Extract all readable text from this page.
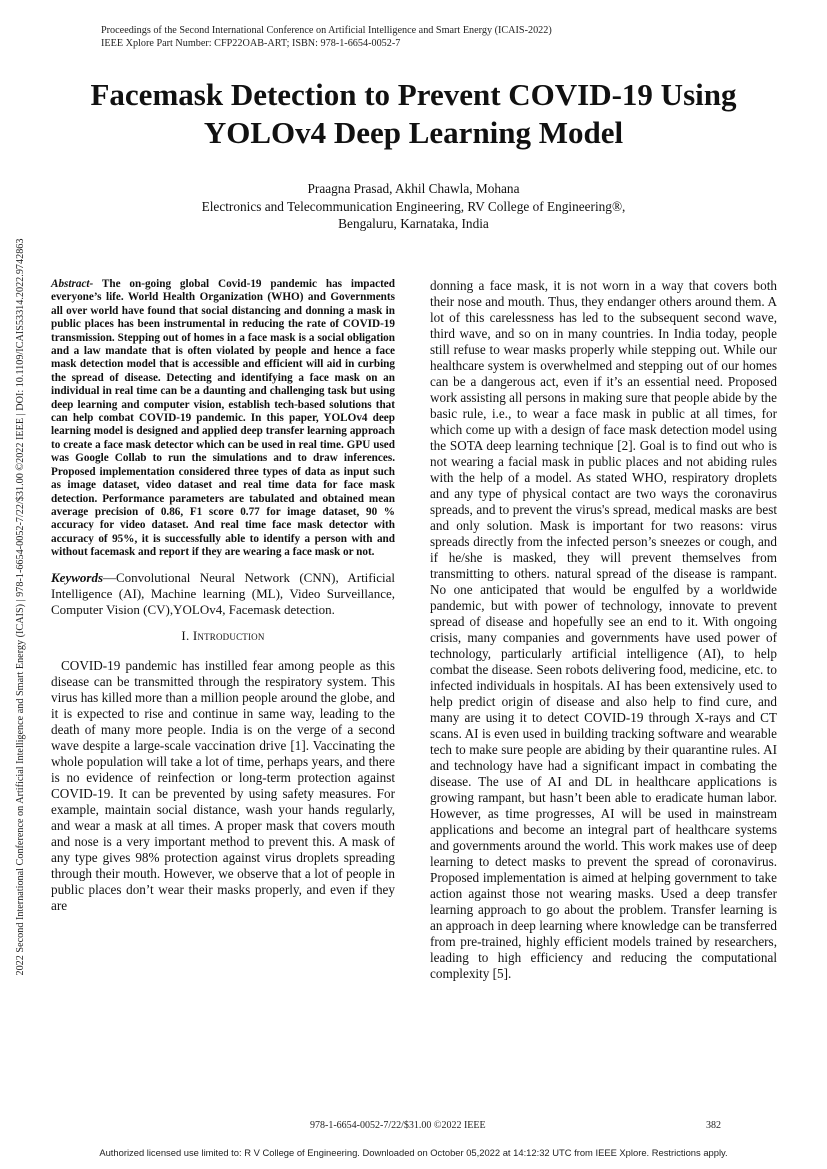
Proceedings of the Second International Conference on Artificial Intelligence and Smart Energy (ICAIS-2022)
IEEE Xplore Part Number: CFP22OAB-ART; ISBN: 978-1-6654-0052-7
2022 Second International Conference on Artificial Intelligence and Smart Energy (ICAIS) | 978-1-6654-0052-7/22/$31.00 ©2022 IEEE | DOI: 10.1109/ICAIS53314.2022.9742863
Facemask Detection to Prevent COVID-19 Using YOLOv4 Deep Learning Model
Praagna Prasad, Akhil Chawla, Mohana
Electronics and Telecommunication Engineering, RV College of Engineering®,
Bengaluru, Karnataka, India

Abstract- The on-going global Covid-19 pandemic has impacted everyone’s life. World Health Organization (WHO) and Governments all over world have found that social distancing and donning a mask in public places has been instrumental in reducing the rate of COVID-19 transmission. Stepping out of homes in a face mask is a social obligation and a law mandate that is often violated by people and hence a face mask detection model that is accessible and efficient will aid in curbing the spread of disease. Detecting and identifying a face mask on an individual in real time can be a daunting and challenging task but using deep learning and computer vision, establish tech-based solutions that can help combat COVID-19 pandemic. In this paper, YOLOv4 deep learning model is designed and applied deep transfer learning approach to create a face mask detector which can be used in real time. GPU used was Google Collab to run the simulations and to draw inferences. Proposed implementation considered three types of data as input such as image dataset, video dataset and real time data for face mask detection. Performance parameters are tabulated and obtained mean average precision of 0.86, F1 score 0.77 for image dataset, 90 % accuracy for video dataset. And real time face mask detector with accuracy of 95%, it is successfully able to identify a person with and without facemask and report if they are wearing a face mask or not.

Keywords—Convolutional Neural Network (CNN), Artificial Intelligence (AI), Machine learning (ML), Video Surveillance, Computer Vision (CV),YOLOv4, Facemask detection.

I. Introduction

COVID-19 pandemic has instilled fear among people as this disease can be transmitted through the respiratory system. This virus has killed more than a million people around the globe, and it is expected to rise and continue in same way, leading to the death of many more people. India is on the verge of a second wave despite a large-scale vaccination drive [1]. Vaccinating the whole population will take a lot of time, perhaps years, and there is no evidence of reinfection or long-term protection against COVID-19. It can be prevented by using safety measures. For example, maintain social distance, wash your hands regularly, and wear a mask at all times. A proper mask that covers mouth and nose is a very important method to prevent this. A mask of any type gives 98% protection against virus droplets spreading through their mouth. However, we observe that a lot of people in public places don’t wear their masks properly, and even if they are

donning a face mask, it is not worn in a way that covers both their nose and mouth. Thus, they endanger others around them. A lot of this carelessness has led to the subsequent second wave, third wave, and so on in many countries. In India today, people still refuse to wear masks properly while stepping out. While our healthcare system is overwhelmed and stepping out of our homes can be a dangerous act, even if it’s an essential need. Proposed work assisting all persons in making sure that people abide by the basic rule, i.e., to wear a face mask in public at all times, for which come up with a design of face mask detection model using the SOTA deep learning technique [2]. Goal is to find out who is not wearing a facial mask in public places and not abiding rules with the help of a model. As stated WHO, respiratory droplets and any type of physical contact are two ways the coronavirus spreads, and to prevent the virus's spread, medical masks are best and only solution. Mask is important for two reasons: virus spreads directly from the infected person’s sneezes or cough, and if he/she is masked, they will prevent themselves from transmitting to others. natural spread of the disease is rampant. No one anticipated that would be engulfed by a worldwide pandemic, but with power of technology, innovate to prevent spread of disease and hopefully see an end to it. With ongoing crisis, many companies and governments have used power of technology, particularly artificial intelligence (AI), to help combat the disease. Seen robots delivering food, medicine, etc. to infected individuals in hospitals. AI has been extensively used to help predict origin of disease and also help to find cure, and many are using it to detect COVID-19 through X-rays and CT scans. AI is even used in building tracking software and wearable tech to make sure people are abiding by their quarantine rules. AI and technology have had a significant impact in combating the disease. The use of AI and DL in healthcare applications is growing rampant, but hasn’t been able to eradicate human labor. However, as time progresses, AI will be used in mainstream applications and become an integral part of healthcare systems and governments around the world. This work makes use of deep learning to detect masks to prevent the spread of coronavirus. Proposed implementation is aimed at helping government to take action against those not wearing masks. Used a deep transfer learning approach to go about the problem. Transfer learning is an approach in deep learning where knowledge can be transferred from pre-trained, highly efficient models trained by researchers, leading to high efficiency and reducing the computational complexity [5].

978-1-6654-0052-7/22/$31.00 ©2022 IEEE	382
Authorized licensed use limited to: R V College of Engineering. Downloaded on October 05,2022 at 14:12:32 UTC from IEEE Xplore. Restrictions apply.
